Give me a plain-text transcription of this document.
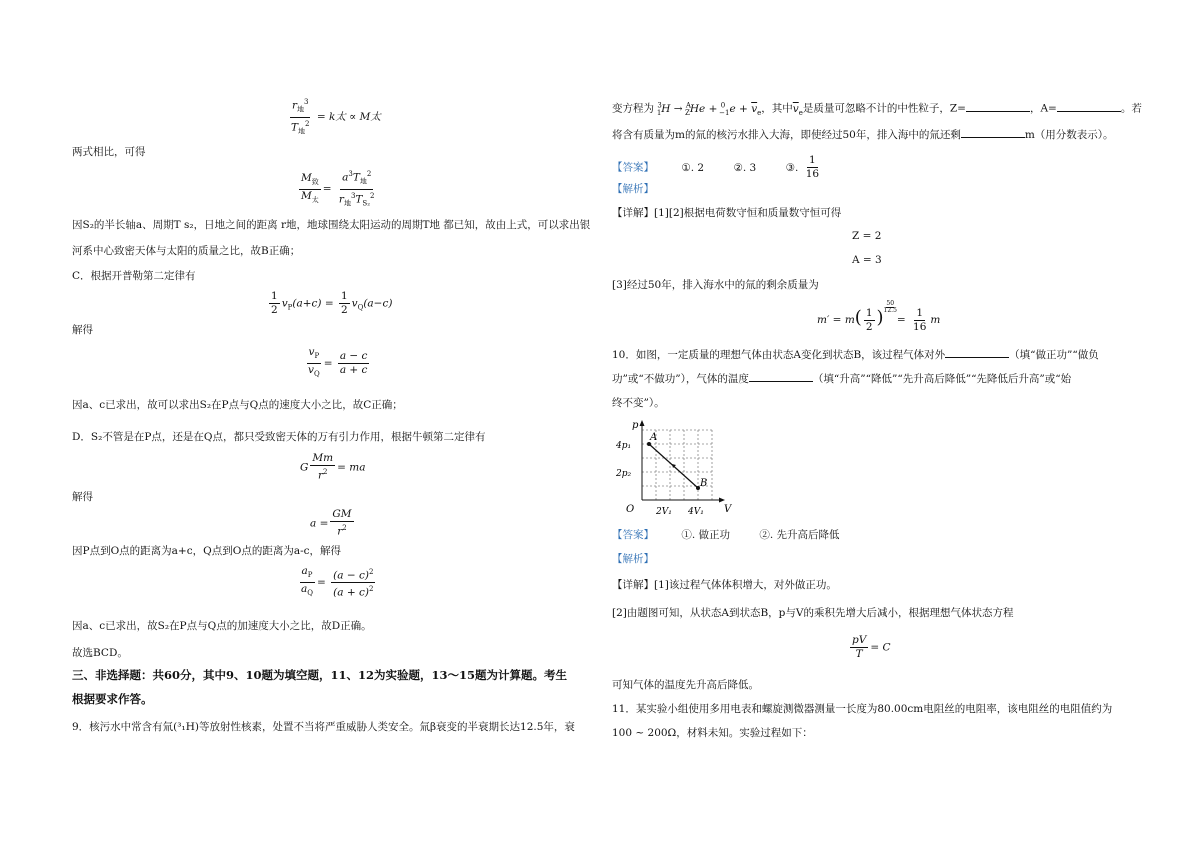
$\frac{r_地^3}{T_地^2} = k$太 ∝ M太
两式相比，可得
$\frac{M_致}{M_太} = \frac{a^3T_地^2}{r_地^3T_{S_2}^2}$
因S₂的半长轴a、周期T s₂，日地之间的距离 r地，地球围绕太阳运动的周期T地 都已知，故由上式，可以求出银
河系中心致密天体与太阳的质量之比，故B正确；
C．根据开普勒第二定律有
$\frac{1}{2} v_P(a+c) = \frac{1}{2} v_Q(a-c)$
解得
$\frac{v_P}{v_Q} = \frac{a - c}{a + c}$
因a、c已求出，故可以求出S₂在P点与Q点的速度大小之比，故C正确；
D．S₂不管是在P点，还是在Q点，都只受致密天体的万有引力作用，根据牛顿第二定律有
G $\frac{Mm}{r^2}$ = ma
解得
$a = \frac{GM}{r^2}$
因P点到O点的距离为a+c，Q点到O点的距离为a-c，解得
$\frac{a_P}{a_Q} = \frac{(a - c)^2}{(a + c)^2}$
因a、c已求出，故S₂在P点与Q点的加速度大小之比，故D正确。
故选BCD。
三、非选择题：共60分，其中9、10题为填空题，11、12为实验题，13～15题为计算题。考生
根据要求作答。
9．核污水中常含有氚(³₁H)等放射性核素，处置不当将严重威胁人类安全。氚β衰变的半衰期长达12.5年，衰
变方程为 $^3_1H \to ^A_ZHe + ^0_{-1}e + \overline{v}_e$，其中$\overline{v}_e$是质量可忽略不计的中性粒子，Z=	，A=	。若
将含有质量为m的氚的核污水排入大海，即使经过50年，排入海中的氚还剩	m（用分数表示）。
【答案】	①. 2	②. 3	③. $\frac{1}{16}$
【解析】
【详解】[1][2]根据电荷数守恒和质量数守恒可得
Z = 2
A = 3
[3]经过50年，排入海水中的氚的剩余质量为
$m' = m( \frac{1}{2}$ ) $^{\frac{50}{12.5}}$
= $\frac{1}{16}$ m
10．如图，一定质量的理想气体由状态A变化到状态B，该过程气体对外	（填“做正功”“做负
功”或“不做功”），气体的温度	（填“升高”“降低”“先升高后降低”“先降低后升高”或“始
终不变”）。
p
V
O
4p₁
2p₂
2V₁ 4V₁
A
B
【答案】	①. 做正功	②. 先升高后降低
【解析】
【详解】[1]该过程气体体积增大，对外做正功。
[2]由题图可知，从状态A到状态B，p与V的乘积先增大后减小，根据理想气体状态方程
$\frac{pV}{T} = C$
可知气体的温度先升高后降低。
11．某实验小组使用多用电表和螺旋测微器测量一长度为80.00cm电阻丝的电阻率，该电阻丝的电阻值约为
100 ~ 200Ω，材料未知。实验过程如下：
